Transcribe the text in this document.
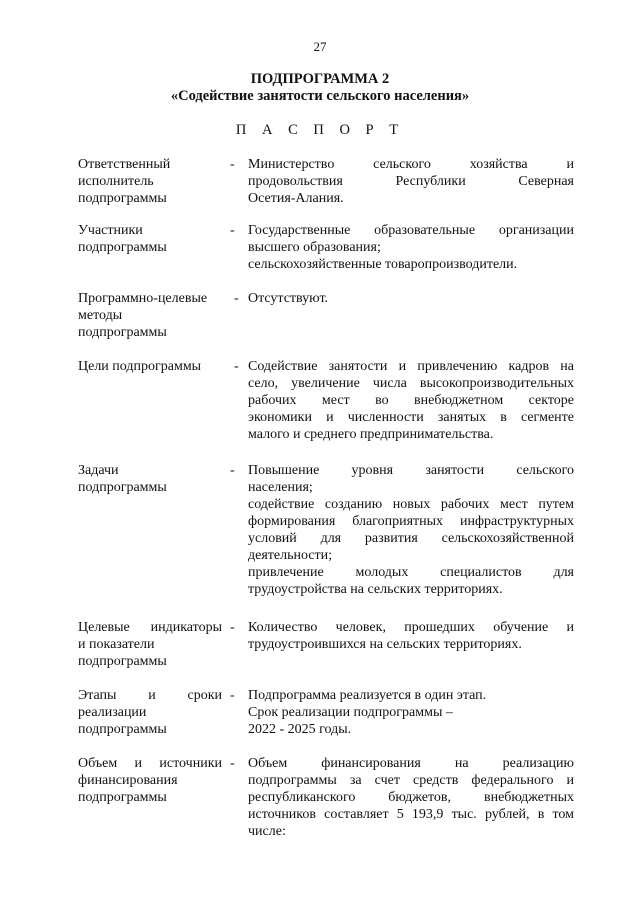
27
ПОДПРОГРАММА 2
«Содействие занятости сельского населения»
П А С П О Р Т
Ответственный
исполнитель
подпрограммы
- Министерство сельского хозяйства и
продовольствия Республики Северная
Осетия-Алания.
Участники
подпрограммы
- Государственные образовательные организации
высшего образования;
сельскохозяйственные товаропроизводители.
Программно-целевые
методы
подпрограммы
- Отсутствуют.
Цели подпрограммы	- Содействие занятости и привлечению кадров на
село, увеличение числа высокопроизводительных
рабочих мест во внебюджетном секторе
экономики и численности занятых в сегменте
малого и среднего предпринимательства.
Задачи
подпрограммы
- Повышение уровня занятости сельского
населения;
содействие созданию новых рабочих мест путем
формирования благоприятных инфраструктурных
условий для развития сельскохозяйственной
деятельности;
привлечение молодых специалистов для
трудоустройства на сельских территориях.
Целевые индикаторы
и показатели
подпрограммы
- Количество человек, прошедших обучение и
трудоустроившихся на сельских территориях.
Этапы и сроки
реализации
подпрограммы
- Подпрограмма реализуется в один этап.
Срок реализации подпрограммы –
2022 - 2025 годы.
Объем и источники
финансирования
подпрограммы
- Объем финансирования на реализацию
подпрограммы за счет средств федерального и
республиканского бюджетов, внебюджетных
источников составляет 5 193,9 тыс. рублей, в том
числе:
